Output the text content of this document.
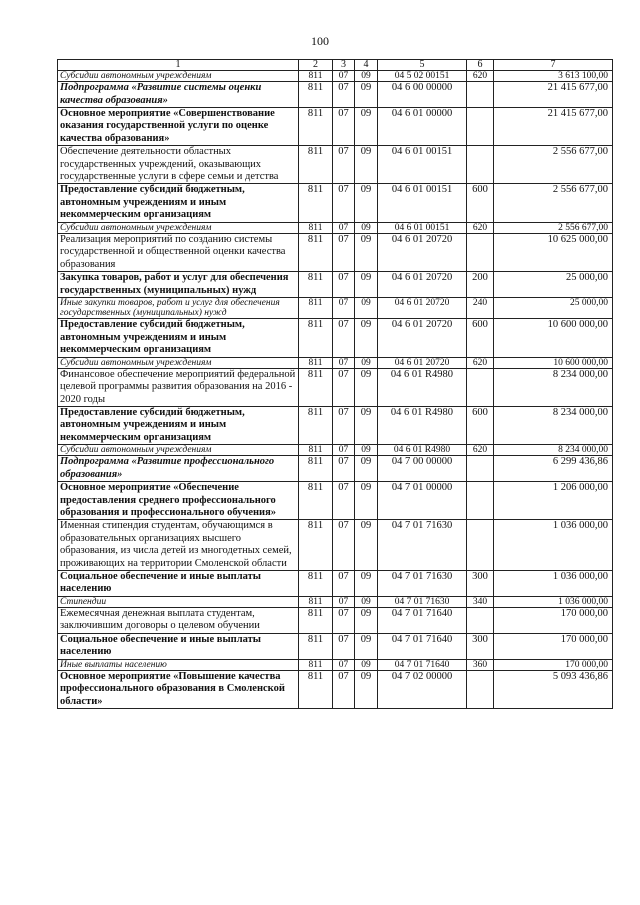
100
1	2	3	4	5	6	7
Субсидии автономным учреждениям	811	07	09	04 5 02 00151	620	3 613 100,00
Подпрограмма «Развитие системы оценки качества образования»	811	07	09	04 6 00 00000		21 415 677,00
Основное мероприятие «Совершенствование оказания государственной услуги по оценке качества образования»	811	07	09	04 6 01 00000		21 415 677,00
Обеспечение деятельности областных государственных учреждений, оказывающих государственные услуги в сфере семьи и детства	811	07	09	04 6 01 00151		2 556 677,00
Предоставление субсидий бюджетным, автономным учреждениям и иным некоммерческим организациям	811	07	09	04 6 01 00151	600	2 556 677,00
Субсидии автономным учреждениям	811	07	09	04 6 01 00151	620	2 556 677,00
Реализация мероприятий по созданию системы государственной и общественной оценки качества образования	811	07	09	04 6 01 20720		10 625 000,00
Закупка товаров, работ и услуг для обеспечения государственных (муниципальных) нужд	811	07	09	04 6 01 20720	200	25 000,00
Иные закупки товаров, работ и услуг для обеспечения государственных (муниципальных) нужд	811	07	09	04 6 01 20720	240	25 000,00
Предоставление субсидий бюджетным, автономным учреждениям и иным некоммерческим организациям	811	07	09	04 6 01 20720	600	10 600 000,00
Субсидии автономным учреждениям	811	07	09	04 6 01 20720	620	10 600 000,00
Финансовое обеспечение мероприятий федеральной целевой программы развития образования на 2016 - 2020 годы	811	07	09	04 6 01 R4980		8 234 000,00
Предоставление субсидий бюджетным, автономным учреждениям и иным некоммерческим организациям	811	07	09	04 6 01 R4980	600	8 234 000,00
Субсидии автономным учреждениям	811	07	09	04 6 01 R4980	620	8 234 000,00
Подпрограмма «Развитие профессионального образования»	811	07	09	04 7 00 00000		6 299 436,86
Основное мероприятие «Обеспечение предоставления среднего профессионального образования и профессионального обучения»	811	07	09	04 7 01 00000		1 206 000,00
Именная стипендия студентам, обучающимся в образовательных организациях высшего образования, из числа детей из многодетных семей, проживающих на территории Смоленской области	811	07	09	04 7 01 71630		1 036 000,00
Социальное обеспечение и иные выплаты населению	811	07	09	04 7 01 71630	300	1 036 000,00
Стипендии	811	07	09	04 7 01 71630	340	1 036 000,00
Ежемесячная денежная выплата студентам, заключившим договоры о целевом обучении	811	07	09	04 7 01 71640		170 000,00
Социальное обеспечение и иные выплаты населению	811	07	09	04 7 01 71640	300	170 000,00
Иные выплаты населению	811	07	09	04 7 01 71640	360	170 000,00
Основное мероприятие «Повышение качества профессионального образования в Смоленской области»	811	07	09	04 7 02 00000		5 093 436,86
